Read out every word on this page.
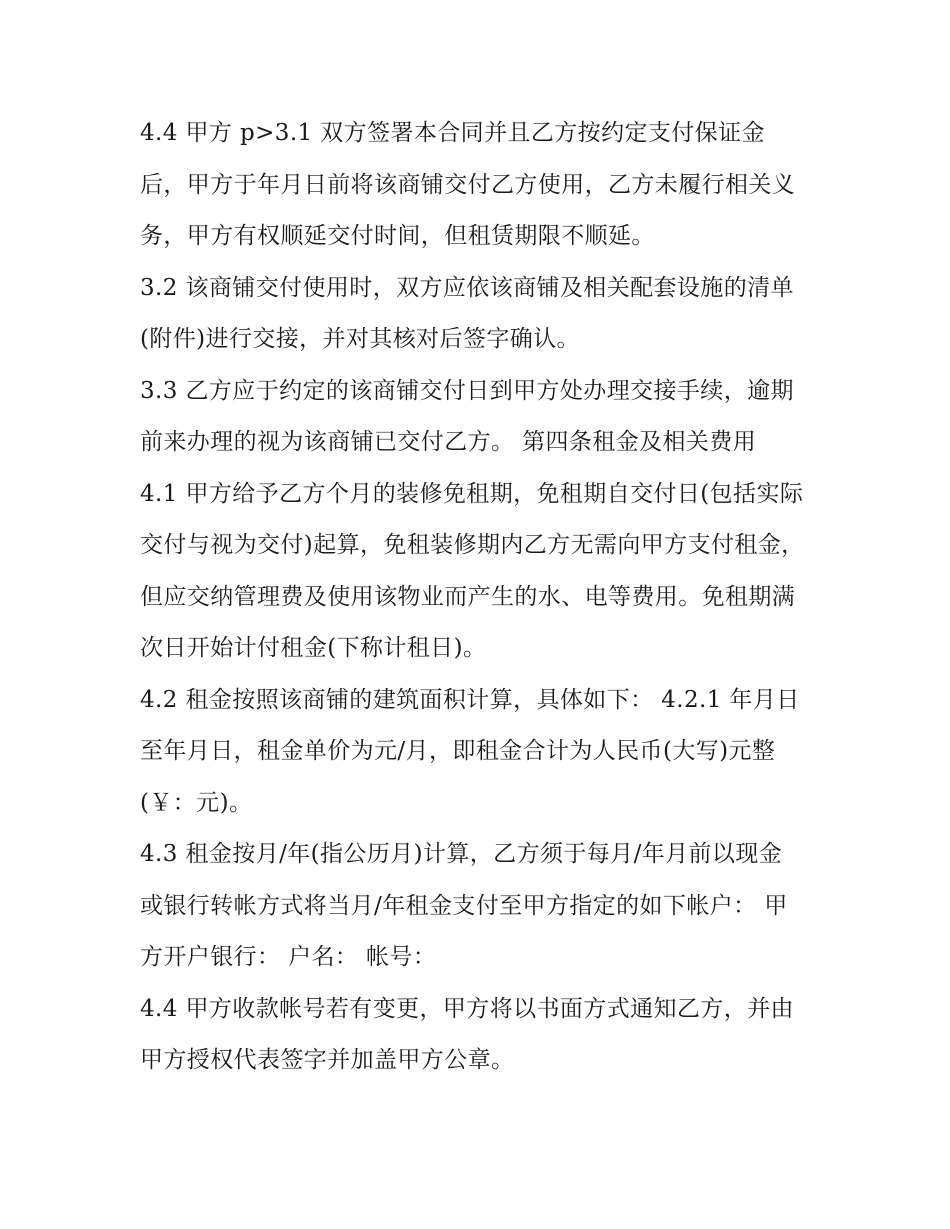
4.4 甲方 p>3.1 双方签署本合同并且乙方按约定支付保证金后，甲方于年月日前将该商铺交付乙方使用，乙方未履行相关义务，甲方有权顺延交付时间，但租赁期限不顺延。

3.2 该商铺交付使用时，双方应依该商铺及相关配套设施的清单(附件)进行交接，并对其核对后签字确认。

3.3 乙方应于约定的该商铺交付日到甲方处办理交接手续，逾期前来办理的视为该商铺已交付乙方。 第四条租金及相关费用

4.1 甲方给予乙方个月的装修免租期，免租期自交付日(包括实际交付与视为交付)起算，免租装修期内乙方无需向甲方支付租金，但应交纳管理费及使用该物业而产生的水、电等费用。免租期满次日开始计付租金(下称计租日)。

4.2 租金按照该商铺的建筑面积计算，具体如下： 4.2.1 年月日至年月日，租金单价为元/月，即租金合计为人民币(大写)元整(￥：元)。

4.3 租金按月/年(指公历月)计算，乙方须于每月/年月前以现金或银行转帐方式将当月/年租金支付至甲方指定的如下帐户： 甲方开户银行： 户名： 帐号：

4.4 甲方收款帐号若有变更，甲方将以书面方式通知乙方，并由甲方授权代表签字并加盖甲方公章。
